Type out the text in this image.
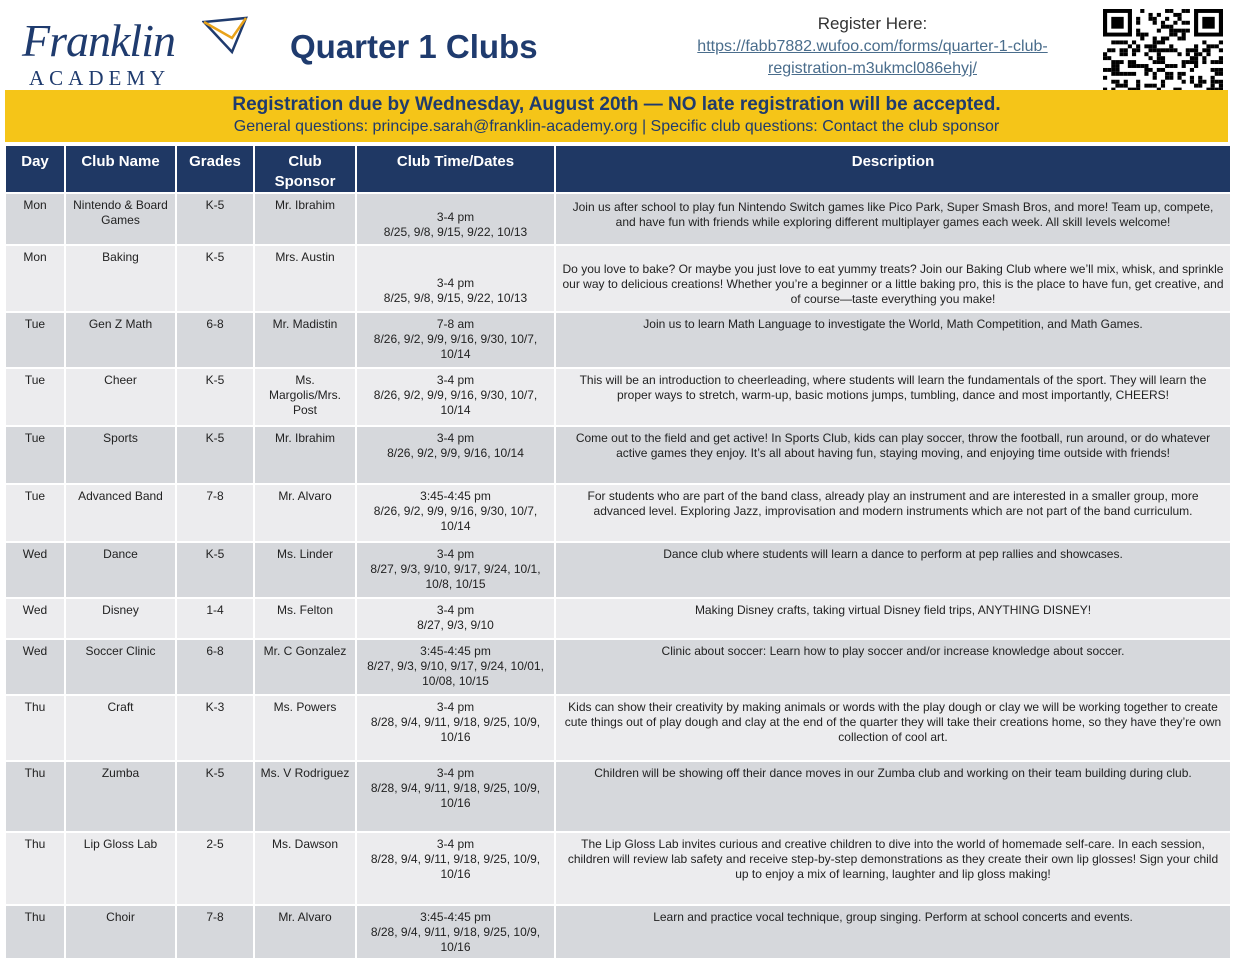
Franklin
ACADEMY
Quarter 1 Clubs
Register Here:
https://fabb7882.wufoo.com/forms/quarter-1-club-registration-m3ukmcl086ehyj/
Registration due by Wednesday, August 20th — NO late registration will be accepted.
General questions: principe.sarah@franklin-academy.org | Specific club questions: Contact the club sponsor
Day	Club Name	Grades	Club Sponsor	Club Time/Dates	Description
Mon	Nintendo & Board Games	K-5	Mr. Ibrahim	3-4 pm
8/25, 9/8, 9/15, 9/22, 10/13	Join us after school to play fun Nintendo Switch games like Pico Park, Super Smash Bros, and more! Team up, compete, and have fun with friends while exploring different multiplayer games each week. All skill levels welcome!
Mon	Baking	K-5	Mrs. Austin	3-4 pm
8/25, 9/8, 9/15, 9/22, 10/13	Do you love to bake? Or maybe you just love to eat yummy treats? Join our Baking Club where we’ll mix, whisk, and sprinkle our way to delicious creations! Whether you’re a beginner or a little baking pro, this is the place to have fun, get creative, and of course—taste everything you make!
Tue	Gen Z Math	6-8	Mr. Madistin	7-8 am
8/26, 9/2, 9/9, 9/16, 9/30, 10/7, 10/14	Join us to learn Math Language to investigate the World, Math Competition, and Math Games.
Tue	Cheer	K-5	Ms. Margolis/Mrs. Post	3-4 pm
8/26, 9/2, 9/9, 9/16, 9/30, 10/7, 10/14	This will be an introduction to cheerleading, where students will learn the fundamentals of the sport. They will learn the proper ways to stretch, warm-up, basic motions jumps, tumbling, dance and most importantly, CHEERS!
Tue	Sports	K-5	Mr. Ibrahim	3-4 pm
8/26, 9/2, 9/9, 9/16, 10/14	Come out to the field and get active! In Sports Club, kids can play soccer, throw the football, run around, or do whatever active games they enjoy. It’s all about having fun, staying moving, and enjoying time outside with friends!
Tue	Advanced Band	7-8	Mr. Alvaro	3:45-4:45 pm
8/26, 9/2, 9/9, 9/16, 9/30, 10/7, 10/14	For students who are part of the band class, already play an instrument and are interested in a smaller group, more advanced level. Exploring Jazz, improvisation and modern instruments which are not part of the band curriculum.
Wed	Dance	K-5	Ms. Linder	3-4 pm
8/27, 9/3, 9/10, 9/17, 9/24, 10/1, 10/8, 10/15	Dance club where students will learn a dance to perform at pep rallies and showcases.
Wed	Disney	1-4	Ms. Felton	3-4 pm
8/27, 9/3, 9/10	Making Disney crafts, taking virtual Disney field trips, ANYTHING DISNEY!
Wed	Soccer Clinic	6-8	Mr. C Gonzalez	3:45-4:45 pm
8/27, 9/3, 9/10, 9/17, 9/24, 10/01, 10/08, 10/15	Clinic about soccer: Learn how to play soccer and/or increase knowledge about soccer.
Thu	Craft	K-3	Ms. Powers	3-4 pm
8/28, 9/4, 9/11, 9/18, 9/25, 10/9, 10/16	Kids can show their creativity by making animals or words with the play dough or clay we will be working together to create cute things out of play dough and clay at the end of the quarter they will take their creations home, so they have they’re own collection of cool art.
Thu	Zumba	K-5	Ms. V Rodriguez	3-4 pm
8/28, 9/4, 9/11, 9/18, 9/25, 10/9, 10/16	Children will be showing off their dance moves in our Zumba club and working on their team building during club.
Thu	Lip Gloss Lab	2-5	Ms. Dawson	3-4 pm
8/28, 9/4, 9/11, 9/18, 9/25, 10/9, 10/16	The Lip Gloss Lab invites curious and creative children to dive into the world of homemade self-care. In each session, children will review lab safety and receive step-by-step demonstrations as they create their own lip glosses! Sign your child up to enjoy a mix of learning, laughter and lip gloss making!
Thu	Choir	7-8	Mr. Alvaro	3:45-4:45 pm
8/28, 9/4, 9/11, 9/18, 9/25, 10/9, 10/16	Learn and practice vocal technique, group singing. Perform at school concerts and events.
